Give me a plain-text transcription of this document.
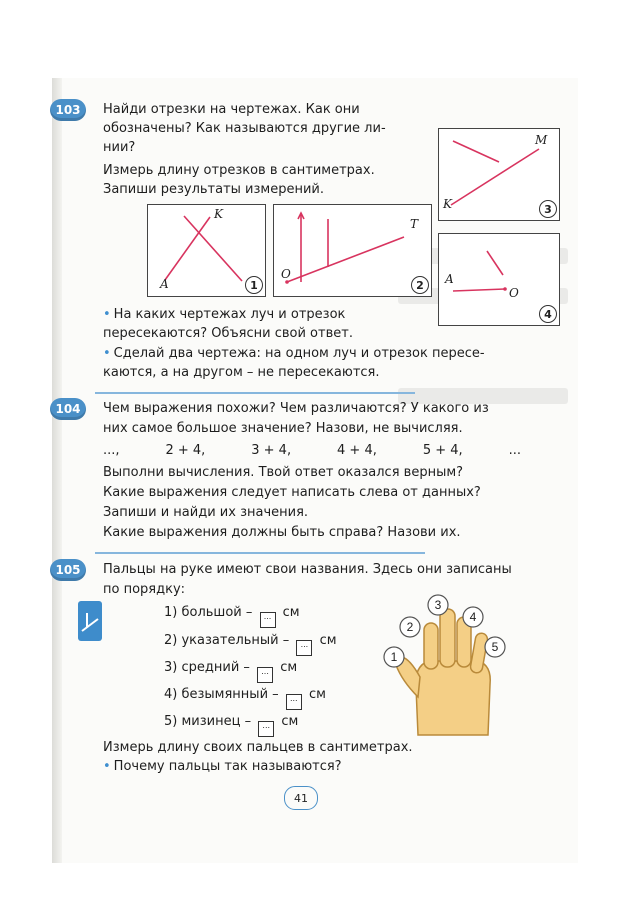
103	Найди отрезки на чертежах. Как они
обозначены? Как называются другие ли-
нии?
Измерь длину отрезков в сантиметрах.
Запиши результаты измерений.
K
A	1
T
O
2
M
K	3
A
O
4
• На каких чертежах луч и отрезок
пересекаются? Объясни свой ответ.
• Сделай два чертежа: на одном луч и отрезок пересе-
каются, а на другом – не пересекаются.
104	Чем выражения похожи? Чем различаются? У какого из
них самое большое значение? Назови, не вычисляя.
...,	2 + 4,	3 + 4,	4 + 4,	5 + 4,	...
Выполни вычисления. Твой ответ оказался верным?
Какие выражения следует написать слева от данных?
Запиши и найди их значения.
Какие выражения должны быть справа? Назови их.
105	Пальцы на руке имеют свои названия. Здесь они записаны
по порядку:
1) большой – ... см
2) указательный – ... см
3) средний – ... см
4) безымянный – ... см
5) мизинец – ... см
1
2
3
4
5
Измерь длину своих пальцев в сантиметрах.
• Почему пальцы так называются?
41
